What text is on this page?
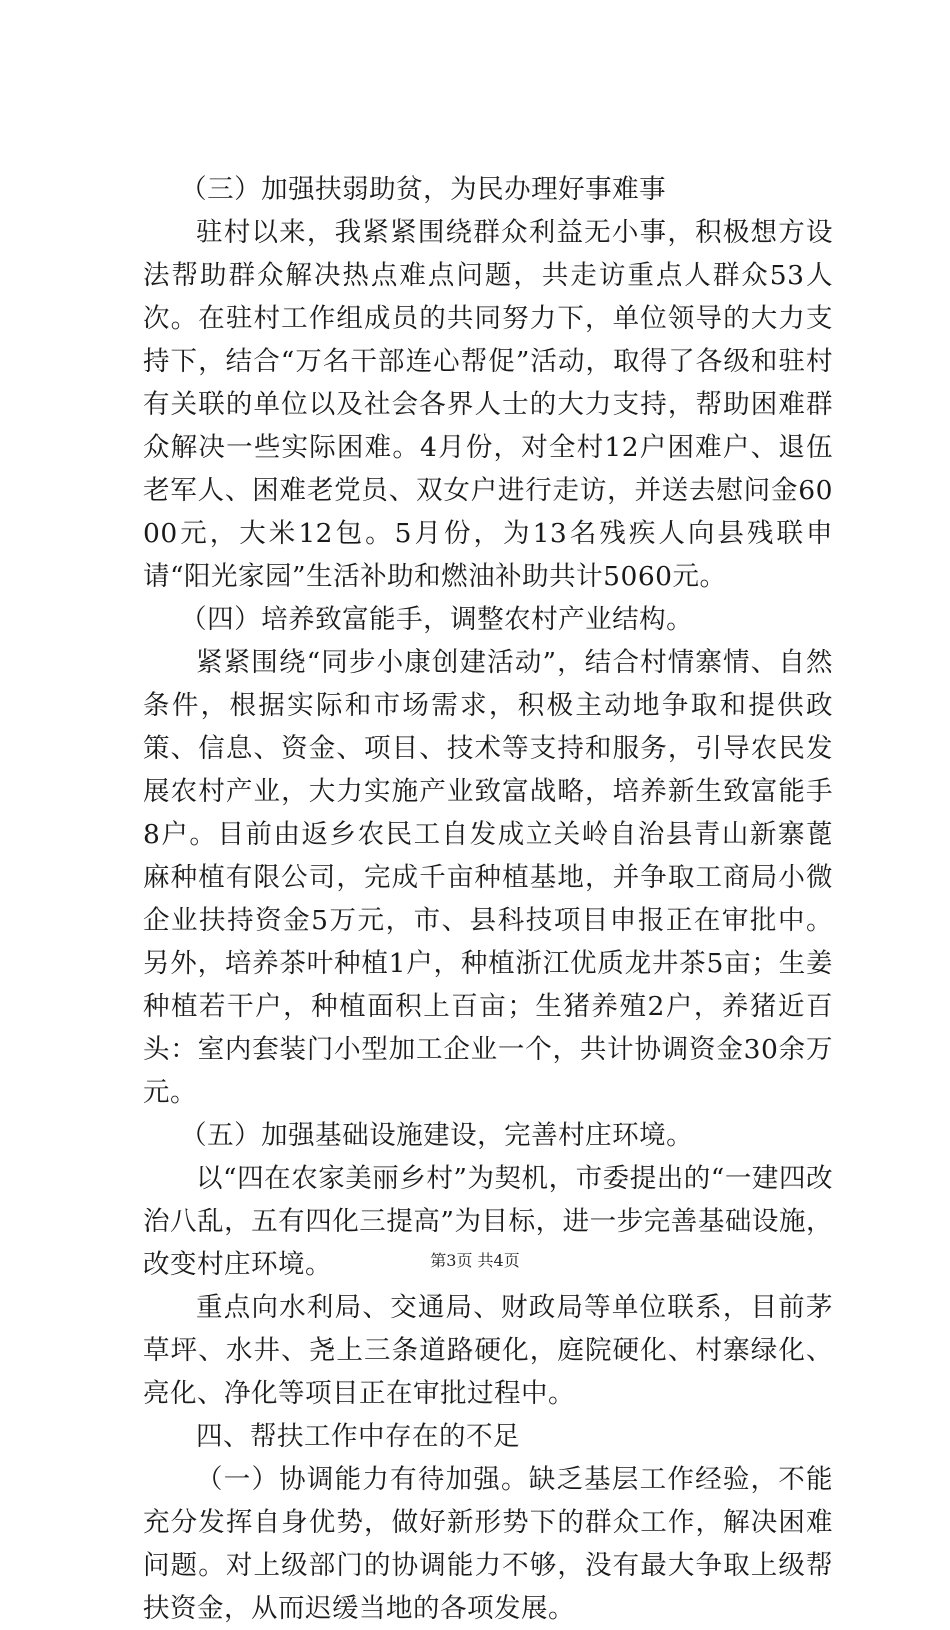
（三）加强扶弱助贫，为民办理好事难事

驻村以来，我紧紧围绕群众利益无小事，积极想方设法帮助群众解决热点难点问题，共走访重点人群众53人次。在驻村工作组成员的共同努力下，单位领导的大力支持下，结合“万名干部连心帮促”活动，取得了各级和驻村有关联的单位以及社会各界人士的大力支持，帮助困难群众解决一些实际困难。4月份，对全村12户困难户、退伍老军人、困难老党员、双女户进行走访，并送去慰问金6000元，大米12包。5月份，为13名残疾人向县残联申请“阳光家园”生活补助和燃油补助共计5060元。

（四）培养致富能手，调整农村产业结构。

紧紧围绕“同步小康创建活动”，结合村情寨情、自然条件，根据实际和市场需求，积极主动地争取和提供政策、信息、资金、项目、技术等支持和服务，引导农民发展农村产业，大力实施产业致富战略，培养新生致富能手8户。目前由返乡农民工自发成立关岭自治县青山新寨蓖麻种植有限公司，完成千亩种植基地，并争取工商局小微企业扶持资金5万元，市、县科技项目申报正在审批中。另外，培养茶叶种植1户，种植浙江优质龙井茶5亩；生姜种植若干户，种植面积上百亩；生猪养殖2户，养猪近百头：室内套装门小型加工企业一个，共计协调资金30余万元。

（五）加强基础设施建设，完善村庄环境。

以“四在农家美丽乡村”为契机，市委提出的“一建四改治八乱，五有四化三提高”为目标，进一步完善基础设施，改变村庄环境。

重点向水利局、交通局、财政局等单位联系，目前茅草坪、水井、尧上三条道路硬化，庭院硬化、村寨绿化、亮化、净化等项目正在审批过程中。

四、帮扶工作中存在的不足

（一）协调能力有待加强。缺乏基层工作经验，不能充分发挥自身优势，做好新形势下的群众工作，解决困难问题。对上级部门的协调能力不够，没有最大争取上级帮扶资金，从而迟缓当地的各项发展。

第3页 共4页
